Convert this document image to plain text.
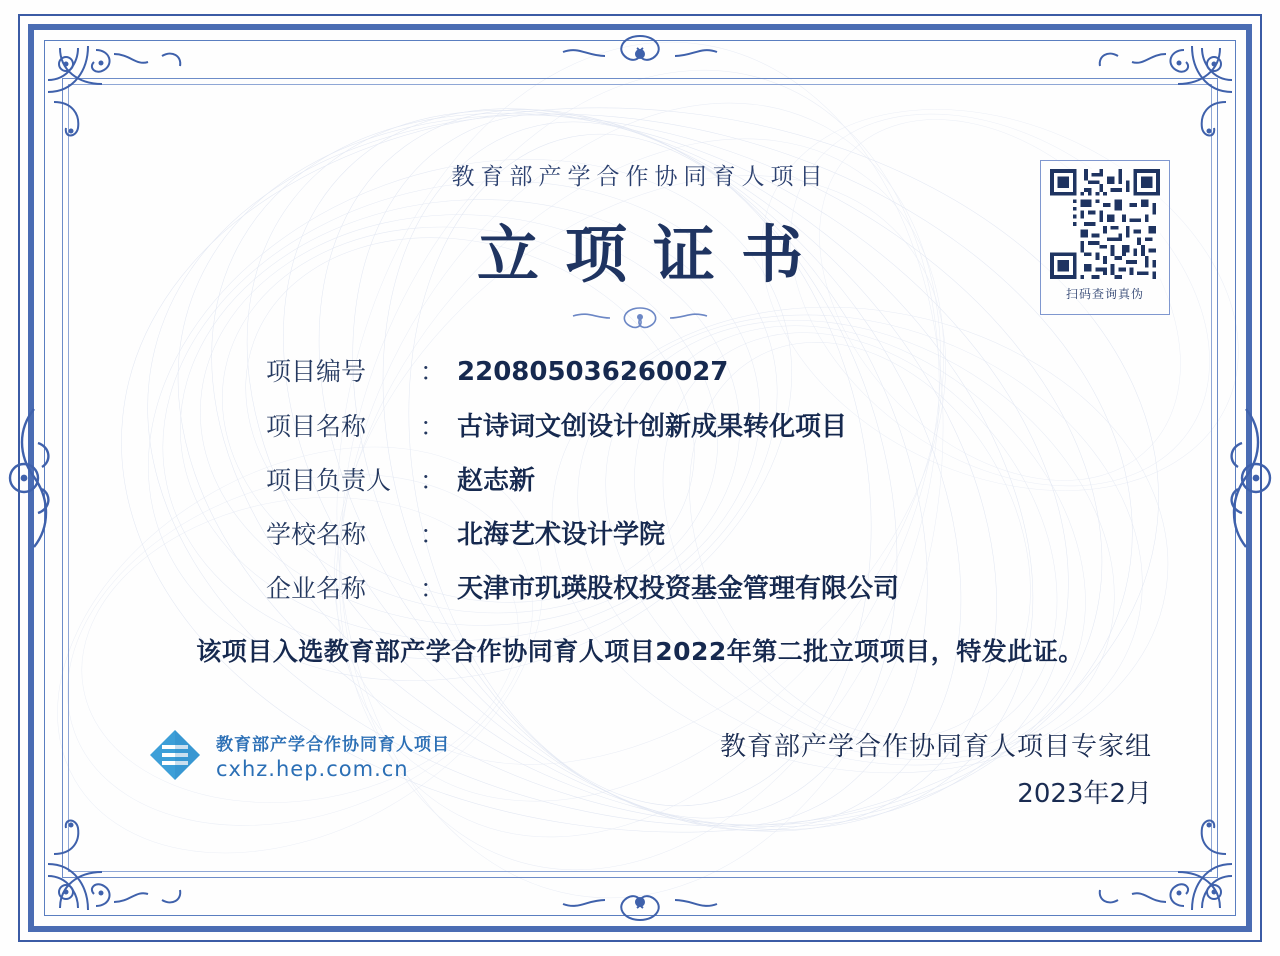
教育部产学合作协同育人项目
立项证书
扫码查询真伪
项目编号	： 220805036260027
项目名称	： 古诗词文创设计创新成果转化项目
项目负责人	： 赵志新
学校名称	： 北海艺术设计学院
企业名称	： 天津市玑瑛股权投资基金管理有限公司
该项目入选教育部产学合作协同育人项目2022年第二批立项项目，特发此证。
教育部产学合作协同育人项目
cxhz.hep.com.cn
教育部产学合作协同育人项目专家组
2023年2月
